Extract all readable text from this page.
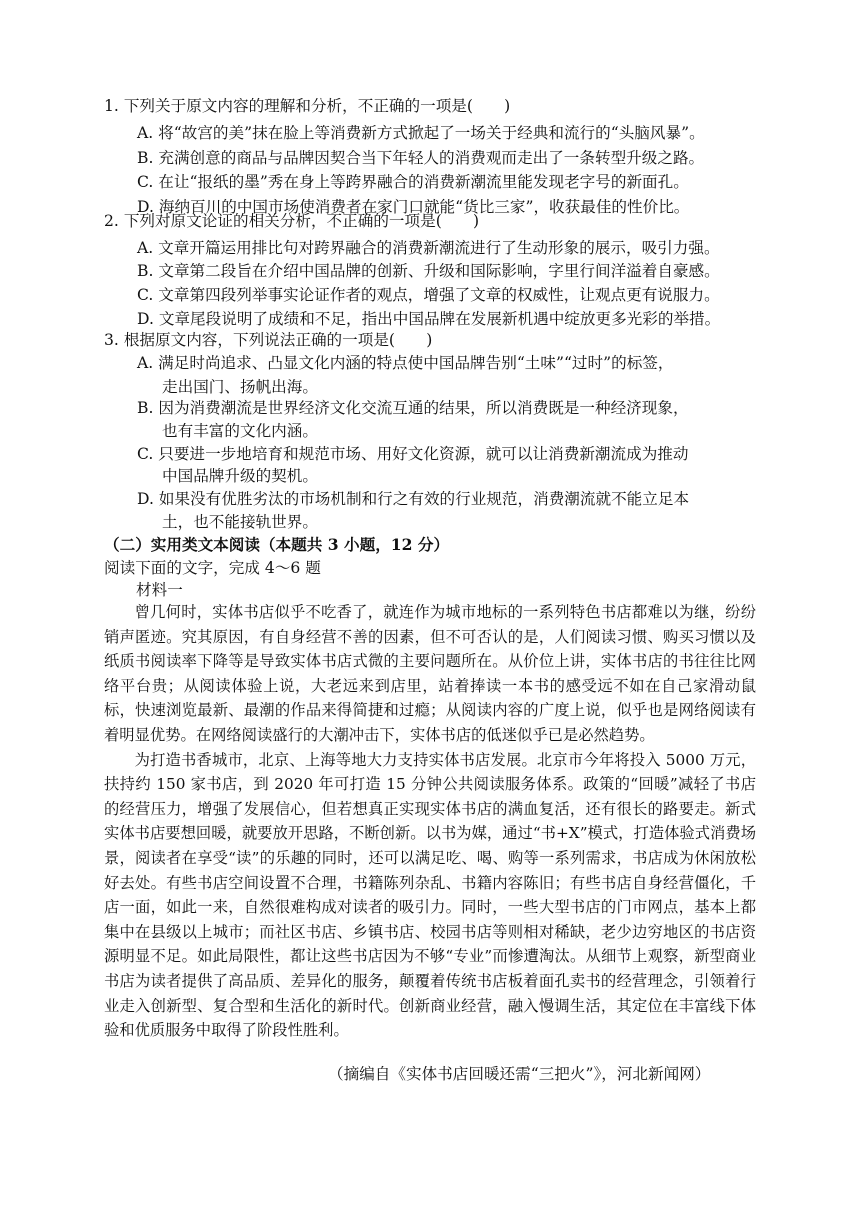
1. 下列关于原文内容的理解和分析，不正确的一项是(　　)
A. 将“故宫的美”抹在脸上等消费新方式掀起了一场关于经典和流行的“头脑风暴”。
B. 充满创意的商品与品牌因契合当下年轻人的消费观而走出了一条转型升级之路。
C. 在让“报纸的墨”秀在身上等跨界融合的消费新潮流里能发现老字号的新面孔。
D. 海纳百川的中国市场使消费者在家门口就能“货比三家”，收获最佳的性价比。
2. 下列对原文论证的相关分析，不正确的一项是(　　)
A. 文章开篇运用排比句对跨界融合的消费新潮流进行了生动形象的展示，吸引力强。
B. 文章第二段旨在介绍中国品牌的创新、升级和国际影响，字里行间洋溢着自豪感。
C. 文章第四段列举事实论证作者的观点，增强了文章的权威性，让观点更有说服力。
D. 文章尾段说明了成绩和不足，指出中国品牌在发展新机遇中绽放更多光彩的举措。
3. 根据原文内容，下列说法正确的一项是(　　)
A. 满足时尚追求、凸显文化内涵的特点使中国品牌告别“土味”“过时”的标签，
走出国门、扬帆出海。
B. 因为消费潮流是世界经济文化交流互通的结果，所以消费既是一种经济现象，
也有丰富的文化内涵。
C. 只要进一步地培育和规范市场、用好文化资源，就可以让消费新潮流成为推动
中国品牌升级的契机。
D. 如果没有优胜劣汰的市场机制和行之有效的行业规范，消费潮流就不能立足本
土，也不能接轨世界。
（二）实用类文本阅读（本题共 3 小题，12 分）
阅读下面的文字，完成 4～6 题
材料一

曾几何时，实体书店似乎不吃香了，就连作为城市地标的一系列特色书店都难以为继，纷纷销声匿迹。究其原因，有自身经营不善的因素，但不可否认的是，人们阅读习惯、购买习惯以及纸质书阅读率下降等是导致实体书店式微的主要问题所在。从价位上讲，实体书店的书往往比网络平台贵；从阅读体验上说，大老远来到店里，站着捧读一本书的感受远不如在自己家滑动鼠标，快速浏览最新、最潮的作品来得简捷和过瘾；从阅读内容的广度上说，似乎也是网络阅读有着明显优势。在网络阅读盛行的大潮冲击下，实体书店的低迷似乎已是必然趋势。

为打造书香城市，北京、上海等地大力支持实体书店发展。北京市今年将投入 5000 万元，扶持约 150 家书店，到 2020 年可打造 15 分钟公共阅读服务体系。政策的“回暖”减轻了书店的经营压力，增强了发展信心，但若想真正实现实体书店的满血复活，还有很长的路要走。新式实体书店要想回暖，就要放开思路，不断创新。以书为媒，通过“书+X”模式，打造体验式消费场景，阅读者在享受“读”的乐趣的同时，还可以满足吃、喝、购等一系列需求，书店成为休闲放松好去处。有些书店空间设置不合理，书籍陈列杂乱、书籍内容陈旧；有些书店自身经营僵化，千店一面，如此一来，自然很难构成对读者的吸引力。同时，一些大型书店的门市网点，基本上都集中在县级以上城市；而社区书店、乡镇书店、校园书店等则相对稀缺，老少边穷地区的书店资源明显不足。如此局限性，都让这些书店因为不够“专业”而惨遭淘汰。从细节上观察，新型商业书店为读者提供了高品质、差异化的服务，颠覆着传统书店板着面孔卖书的经营理念，引领着行业走入创新型、复合型和生活化的新时代。创新商业经营，融入慢调生活，其定位在丰富线下体验和优质服务中取得了阶段性胜利。

（摘编自《实体书店回暖还需“三把火”》，河北新闻网）
